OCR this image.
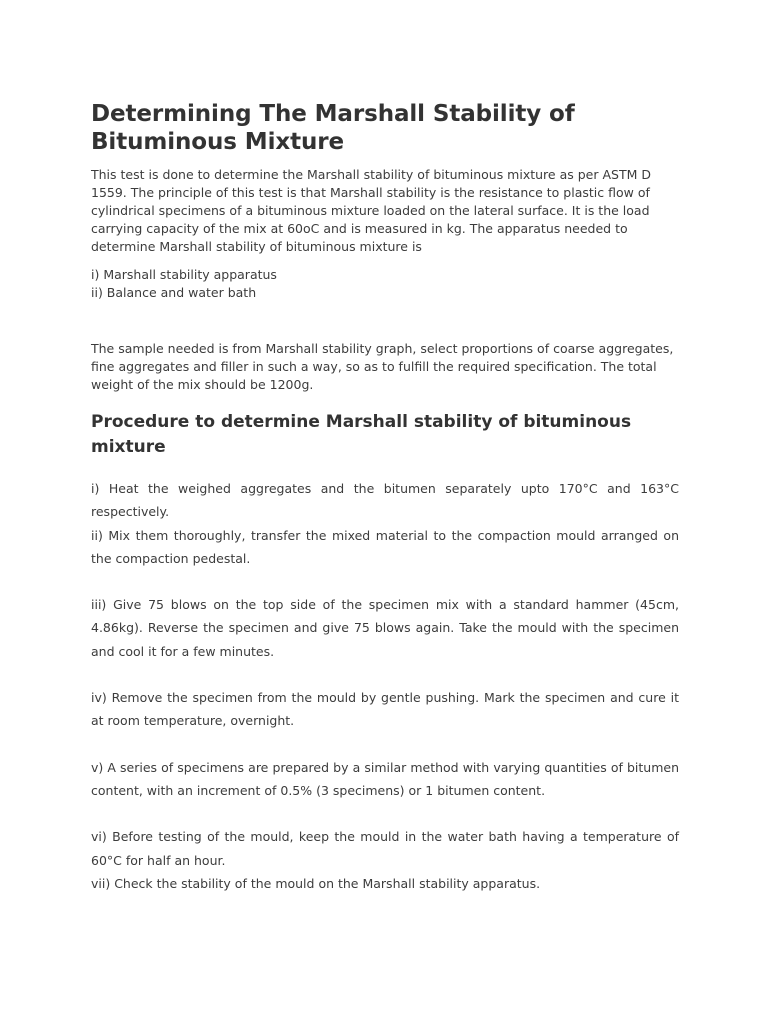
Determining The Marshall Stability of Bituminous Mixture

This test is done to determine the Marshall stability of bituminous mixture as per ASTM D 1559. The principle of this test is that Marshall stability is the resistance to plastic flow of cylindrical specimens of a bituminous mixture loaded on the lateral surface. It is the load carrying capacity of the mix at 60oC and is measured in kg. The apparatus needed to determine Marshall stability of bituminous mixture is

i) Marshall stability apparatus
ii) Balance and water bath

The sample needed is from Marshall stability graph, select proportions of coarse aggregates, fine aggregates and filler in such a way, so as to fulfill the required specification. The total weight of the mix should be 1200g.

Procedure to determine Marshall stability of bituminous mixture

i) Heat the weighed aggregates and the bitumen separately upto 170°C and 163°C respectively.

ii) Mix them thoroughly, transfer the mixed material to the compaction mould arranged on the compaction pedestal.

iii) Give 75 blows on the top side of the specimen mix with a standard hammer (45cm, 4.86kg). Reverse the specimen and give 75 blows again. Take the mould with the specimen and cool it for a few minutes.

iv) Remove the specimen from the mould by gentle pushing. Mark the specimen and cure it at room temperature, overnight.

v) A series of specimens are prepared by a similar method with varying quantities of bitumen content, with an increment of 0.5% (3 specimens) or 1 bitumen content.

vi) Before testing of the mould, keep the mould in the water bath having a temperature of 60°C for half an hour.

vii) Check the stability of the mould on the Marshall stability apparatus.
